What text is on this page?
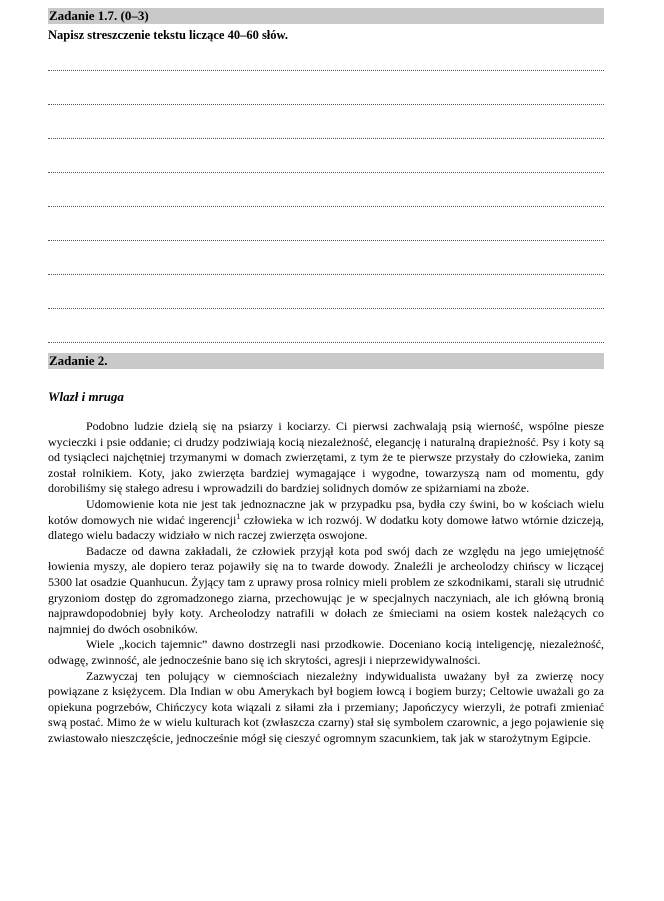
Zadanie 1.7. (0–3)
Napisz streszczenie tekstu liczące 40–60 słów.
Zadanie 2.
Wlazł i mruga

Podobno ludzie dzielą się na psiarzy i kociarzy. Ci pierwsi zachwalają psią wierność, wspólne piesze wycieczki i psie oddanie; ci drudzy podziwiają kocią niezależność, elegancję i naturalną drapieżność. Psy i koty są od tysiącleci najchętniej trzymanymi w domach zwierzętami, z tym że te pierwsze przystały do człowieka, zanim został rolnikiem. Koty, jako zwierzęta bardziej wymagające i wygodne, towarzyszą nam od momentu, gdy dorobiliśmy się stałego adresu i wprowadzili do bardziej solidnych domów ze spiżarniami na zboże.

Udomowienie kota nie jest tak jednoznaczne jak w przypadku psa, bydła czy świni, bo w kościach wielu kotów domowych nie widać ingerencji$^1$ człowieka w ich rozwój. W dodatku koty domowe łatwo wtórnie dziczeją, dlatego wielu badaczy widziało w nich raczej zwierzęta oswojone.

Badacze od dawna zakładali, że człowiek przyjął kota pod swój dach ze względu na jego umiejętność łowienia myszy, ale dopiero teraz pojawiły się na to twarde dowody. Znaleźli je archeolodzy chińscy w liczącej 5300 lat osadzie Quanhucun. Żyjący tam z uprawy prosa rolnicy mieli problem ze szkodnikami, starali się utrudnić gryzoniom dostęp do zgromadzonego ziarna, przechowując je w specjalnych naczyniach, ale ich główną bronią najprawdopodobniej były koty. Archeolodzy natrafili w dołach ze śmieciami na osiem kostek należących co najmniej do dwóch osobników.

Wiele „kocich tajemnic” dawno dostrzegli nasi przodkowie. Doceniano kocią inteligencję, niezależność, odwagę, zwinność, ale jednocześnie bano się ich skrytości, agresji i nieprzewidywalności.

Zazwyczaj ten polujący w ciemnościach niezależny indywidualista uważany był za zwierzę nocy powiązane z księżycem. Dla Indian w obu Amerykach był bogiem łowcą i bogiem burzy; Celtowie uważali go za opiekuna pogrzebów, Chińczycy kota wiązali z siłami zła i przemiany; Japończycy wierzyli, że potrafi zmieniać swą postać. Mimo że w wielu kulturach kot (zwłaszcza czarny) stał się symbolem czarownic, a jego pojawienie się zwiastowało nieszczęście, jednocześnie mógł się cieszyć ogromnym szacunkiem, tak jak w starożytnym Egipcie.
